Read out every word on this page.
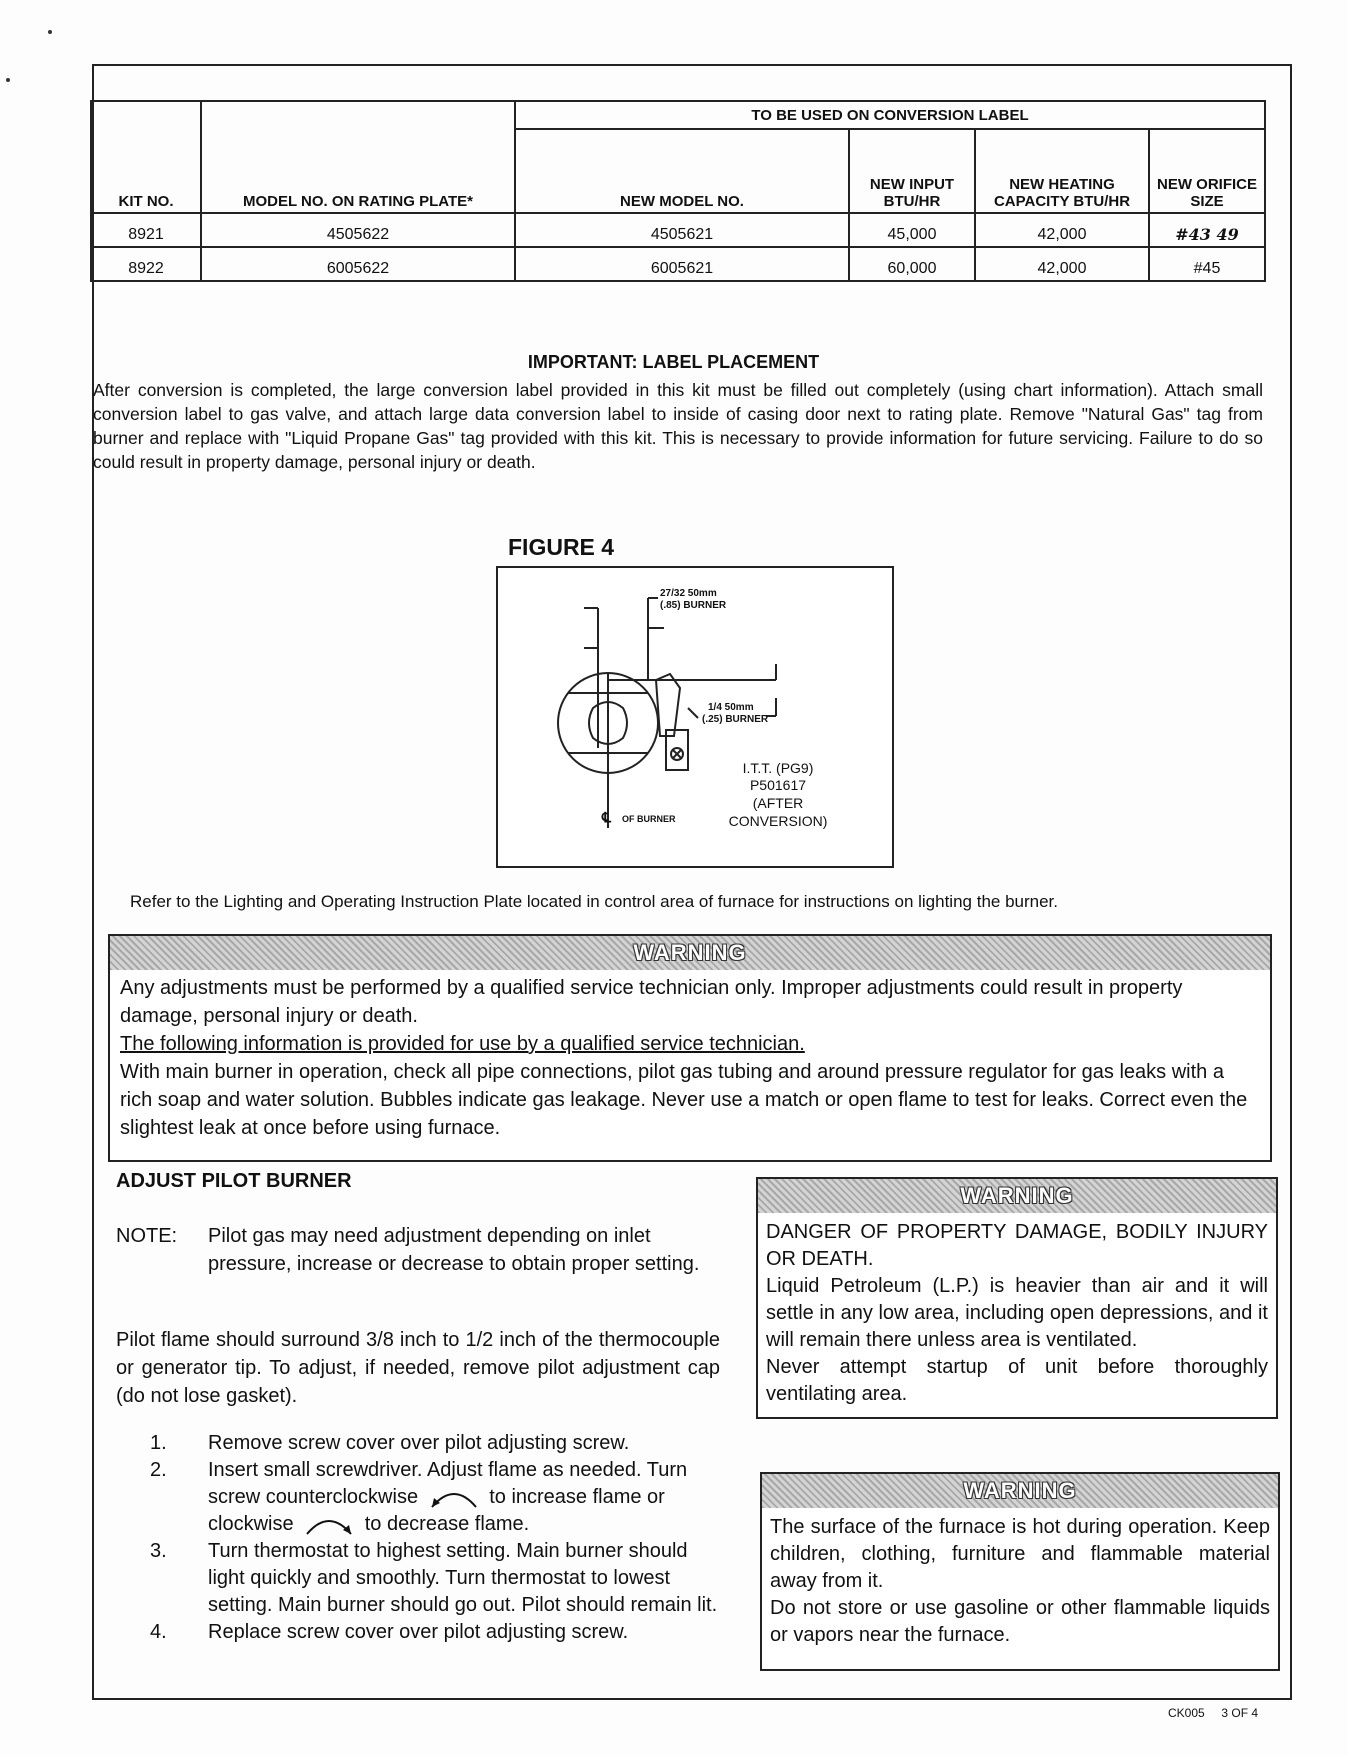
KIT NO.	MODEL NO. ON RATING PLATE*	TO BE USED ON CONVERSION LABEL			
		NEW MODEL NO.	NEW INPUT BTU/HR	NEW HEATING CAPACITY BTU/HR	NEW ORIFICE SIZE
8921	4505622	4505621	45,000	42,000	#43 49
8922	6005622	6005621	60,000	42,000	#45
IMPORTANT: LABEL PLACEMENT
After conversion is completed, the large conversion label provided in this kit must be filled out completely (using chart information). Attach small conversion label to gas valve, and attach large data conversion label to inside of casing door next to rating plate. Remove "Natural Gas" tag from burner and replace with "Liquid Propane Gas" tag provided with this kit. This is necessary to provide information for future servicing. Failure to do so could result in property damage, personal injury or death.
FIGURE 4
27/32 50mm
(.85) BURNER
1/4 50mm
(.25) BURNER
I.T.T. (PG9)
P501617
(AFTER
CONVERSION)
℄ OF BURNER
Refer to the Lighting and Operating Instruction Plate located in control area of furnace for instructions on lighting the burner.
WARNING
Any adjustments must be performed by a qualified service technician only. Improper adjustments could result in property damage, personal injury or death.
The following information is provided for use by a qualified service technician.
With main burner in operation, check all pipe connections, pilot gas tubing and around pressure regulator for gas leaks with a rich soap and water solution. Bubbles indicate gas leakage. Never use a match or open flame to test for leaks. Correct even the slightest leak at once before using furnace.
ADJUST PILOT BURNER
NOTE:	Pilot gas may need adjustment depending on inlet pressure, increase or decrease to obtain proper setting.
Pilot flame should surround 3/8 inch to 1/2 inch of the thermocouple or generator tip. To adjust, if needed, remove pilot adjustment cap (do not lose gasket).
1.	Remove screw cover over pilot adjusting screw.
2.	Insert small screwdriver. Adjust flame as needed. Turn screw counterclockwise	to increase flame or clockwise	to decrease flame.
3.	Turn thermostat to highest setting. Main burner should light quickly and smoothly. Turn thermostat to lowest setting. Main burner should go out. Pilot should remain lit.
4.	Replace screw cover over pilot adjusting screw.
WARNING
DANGER OF PROPERTY DAMAGE, BODILY INJURY OR DEATH.
Liquid Petroleum (L.P.) is heavier than air and it will settle in any low area, including open depressions, and it will remain there unless area is ventilated.
Never attempt startup of unit before thoroughly ventilating area.
WARNING
The surface of the furnace is hot during operation. Keep children, clothing, furniture and flammable material away from it.
Do not store or use gasoline or other flammable liquids or vapors near the furnace.
CK005 3 OF 4
